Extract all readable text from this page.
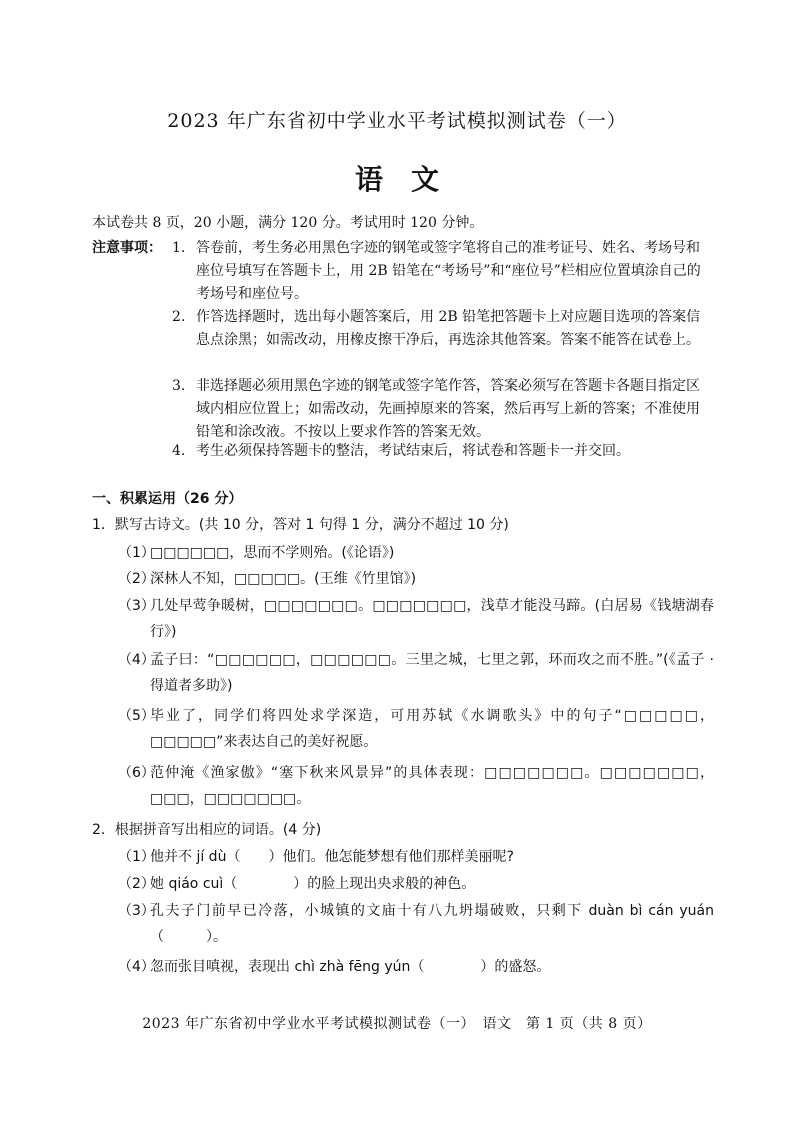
2023 年广东省初中学业水平考试模拟测试卷（一）
语文
本试卷共 8 页，20 小题，满分 120 分。考试用时 120 分钟。
注意事项： 1. 答卷前，考生务必用黑色字迹的钢笔或签字笔将自己的准考证号、姓名、考场号和座位号填写在答题卡上，用 2B 铅笔在“考场号”和“座位号”栏相应位置填涂自己的考场号和座位号。
2. 作答选择题时，选出每小题答案后，用 2B 铅笔把答题卡上对应题目选项的答案信息点涂黑；如需改动，用橡皮擦干净后，再选涂其他答案。答案不能答在试卷上。
3. 非选择题必须用黑色字迹的钢笔或签字笔作答，答案必须写在答题卡各题目指定区域内相应位置上；如需改动，先画掉原来的答案，然后再写上新的答案；不准使用铅笔和涂改液。不按以上要求作答的答案无效。
4. 考生必须保持答题卡的整洁，考试结束后，将试卷和答题卡一并交回。
一、积累运用（26 分）
1．默写古诗文。(共 10 分，答对 1 句得 1 分，满分不超过 10 分)
（1）
□□□□□□，思而不学则殆。(《论语》)
（2）
深林人不知，□□□□□。(王维《竹里馆》)
（3）
几处早莺争暖树，□□□□□□□。□□□□□□□，浅草才能没马蹄。(白居易《钱塘湖春行》)
（4）
孟子曰：“□□□□□□，□□□□□□。三里之城，七里之郭，环而攻之而不胜。”(《孟子 · 得道者多助》)
（5）
毕业了，同学们将四处求学深造，可用苏轼《水调歌头》中的句子“□□□□□，□□□□□”来表达自己的美好祝愿。
（6）
范仲淹《渔家傲》“塞下秋来风景异”的具体表现：□□□□□□□。□□□□□□□，□□□，□□□□□□□。
2．根据拼音写出相应的词语。(4 分)
（1）
他并不 jí dù（　　）他们。他怎能梦想有他们那样美丽呢?
（2）
她 qiáo cuì（　　　　）的脸上现出央求般的神色。
（3）
孔夫子门前早已冷落，小城镇的文庙十有八九坍塌破败，只剩下 duàn bì cán yuán（　　　）。
（4）
忽而张目嗔视，表现出 chì zhà fēng yún（　　　　）的盛怒。
2023 年广东省初中学业水平考试模拟测试卷（一）　语文　第 1 页（共 8 页）
